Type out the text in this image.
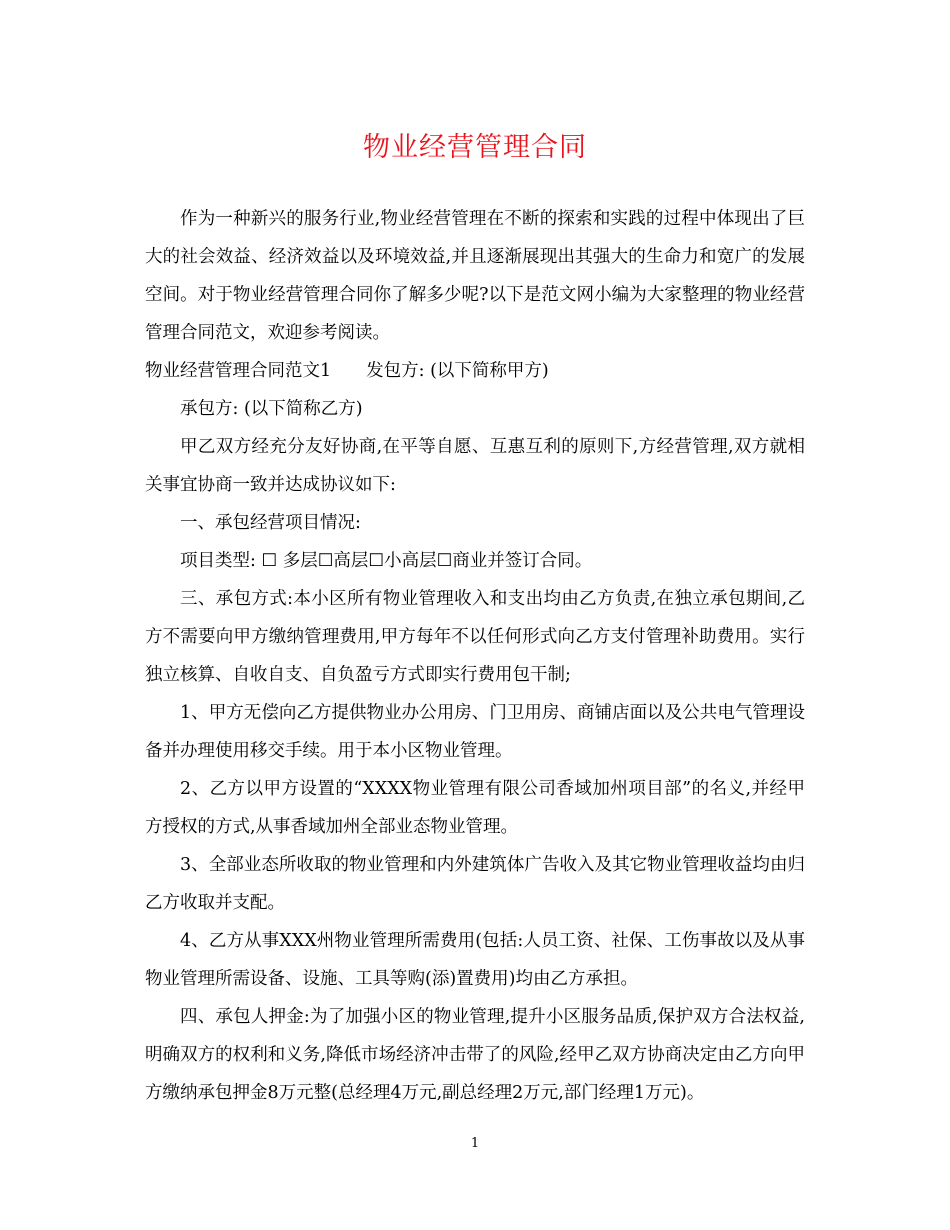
物业经营管理合同

作为一种新兴的服务行业,物业经营管理在不断的探索和实践的过程中体现出了巨大的社会效益、经济效益以及环境效益,并且逐渐展现出其强大的生命力和宽广的发展空间。对于物业经营管理合同你了解多少呢?以下是范文网小编为大家整理的物业经营管理合同范文，欢迎参考阅读。

物业经营管理合同范文1　　发包方: (以下简称甲方)

承包方: (以下简称乙方)

甲乙双方经充分友好协商,在平等自愿、互惠互利的原则下,方经营管理,双方就相关事宜协商一致并达成协议如下:

一、承包经营项目情况:

项目类型: ☐ 多层☐高层☐小高层☐商业并签订合同。

三、承包方式:本小区所有物业管理收入和支出均由乙方负责,在独立承包期间,乙方不需要向甲方缴纳管理费用,甲方每年不以任何形式向乙方支付管理补助费用。实行独立核算、自收自支、自负盈亏方式即实行费用包干制;

1、甲方无偿向乙方提供物业办公用房、门卫用房、商铺店面以及公共电气管理设备并办理使用移交手续。用于本小区物业管理。

2、乙方以甲方设置的“XXXX物业管理有限公司香域加州项目部”的名义,并经甲方授权的方式,从事香域加州全部业态物业管理。

3、全部业态所收取的物业管理和内外建筑体广告收入及其它物业管理收益均由归乙方收取并支配。

4、乙方从事XXX州物业管理所需费用(包括:人员工资、社保、工伤事故以及从事物业管理所需设备、设施、工具等购(添)置费用)均由乙方承担。

四、承包人押金:为了加强小区的物业管理,提升小区服务品质,保护双方合法权益,明确双方的权利和义务,降低市场经济冲击带了的风险,经甲乙双方协商决定由乙方向甲方缴纳承包押金8万元整(总经理4万元,副总经理2万元,部门经理1万元)。

1
